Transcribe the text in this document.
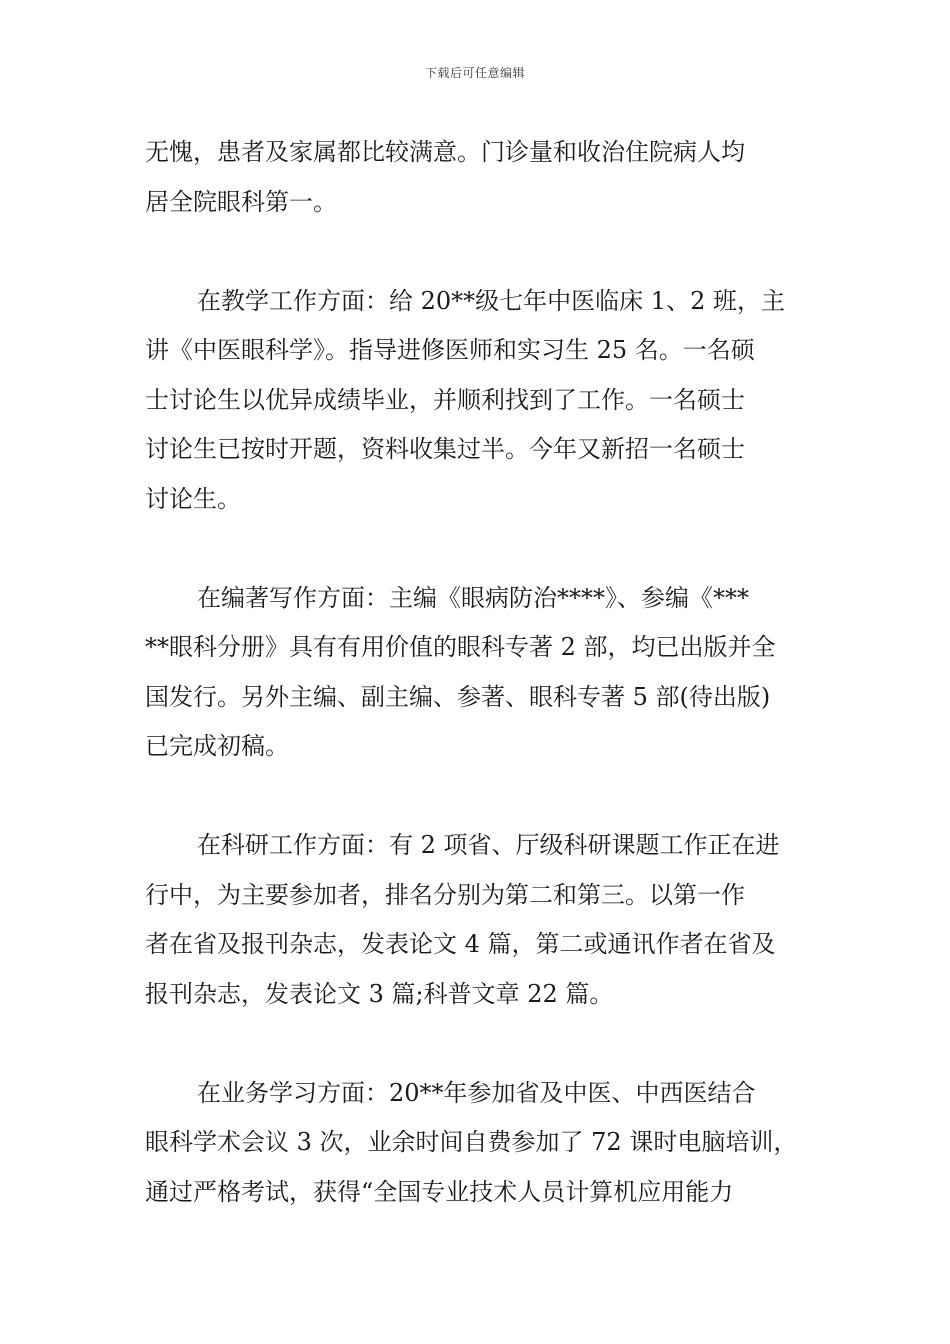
下载后可任意编辑
无愧，患者及家属都比较满意。门诊量和收治住院病人均
居全院眼科第一。
在教学工作方面：给 20**级七年中医临床 1、2 班，主
讲《中医眼科学》。指导进修医师和实习生 25 名。一名硕
士讨论生以优异成绩毕业，并顺利找到了工作。一名硕士
讨论生已按时开题，资料收集过半。今年又新招一名硕士
讨论生。
在编著写作方面：主编《眼病防治****》、参编《***
**眼科分册》具有有用价值的眼科专著 2 部，均已出版并全
国发行。另外主编、副主编、参著、眼科专著 5 部(待出版)
已完成初稿。
在科研工作方面：有 2 项省、厅级科研课题工作正在进
行中，为主要参加者，排名分别为第二和第三。以第一作
者在省及报刊杂志，发表论文 4 篇，第二或通讯作者在省及
报刊杂志，发表论文 3 篇;科普文章 22 篇。
在业务学习方面：20**年参加省及中医、中西医结合
眼科学术会议 3 次，业余时间自费参加了 72 课时电脑培训，
通过严格考试，获得“全国专业技术人员计算机应用能力
